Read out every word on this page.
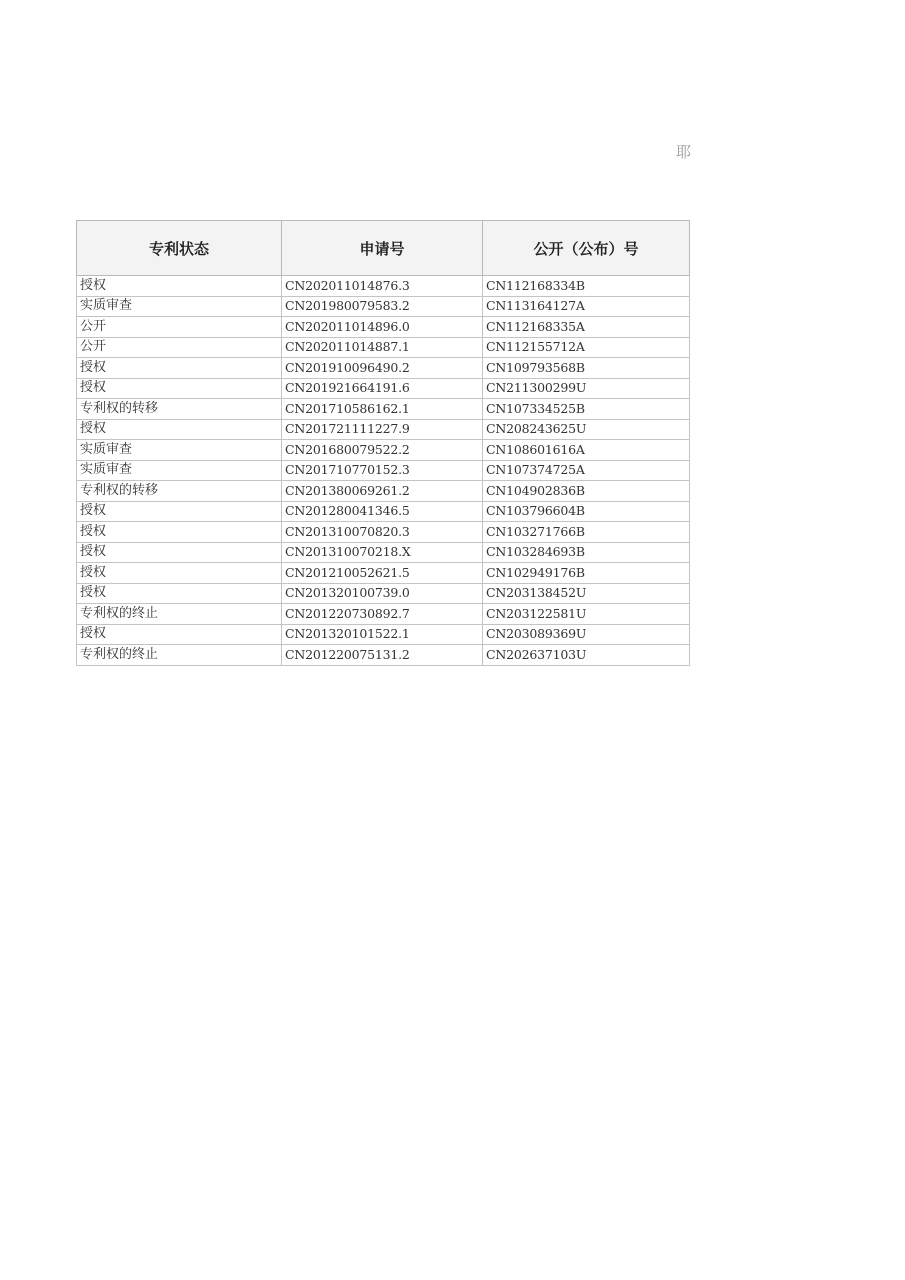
耶
专利状态	申请号	公开（公布）号
授权	CN202011014876.3	CN112168334B
实质审查	CN201980079583.2	CN113164127A
公开	CN202011014896.0	CN112168335A
公开	CN202011014887.1	CN112155712A
授权	CN201910096490.2	CN109793568B
授权	CN201921664191.6	CN211300299U
专利权的转移	CN201710586162.1	CN107334525B
授权	CN201721111227.9	CN208243625U
实质审查	CN201680079522.2	CN108601616A
实质审查	CN201710770152.3	CN107374725A
专利权的转移	CN201380069261.2	CN104902836B
授权	CN201280041346.5	CN103796604B
授权	CN201310070820.3	CN103271766B
授权	CN201310070218.X	CN103284693B
授权	CN201210052621.5	CN102949176B
授权	CN201320100739.0	CN203138452U
专利权的终止	CN201220730892.7	CN203122581U
授权	CN201320101522.1	CN203089369U
专利权的终止	CN201220075131.2	CN202637103U
